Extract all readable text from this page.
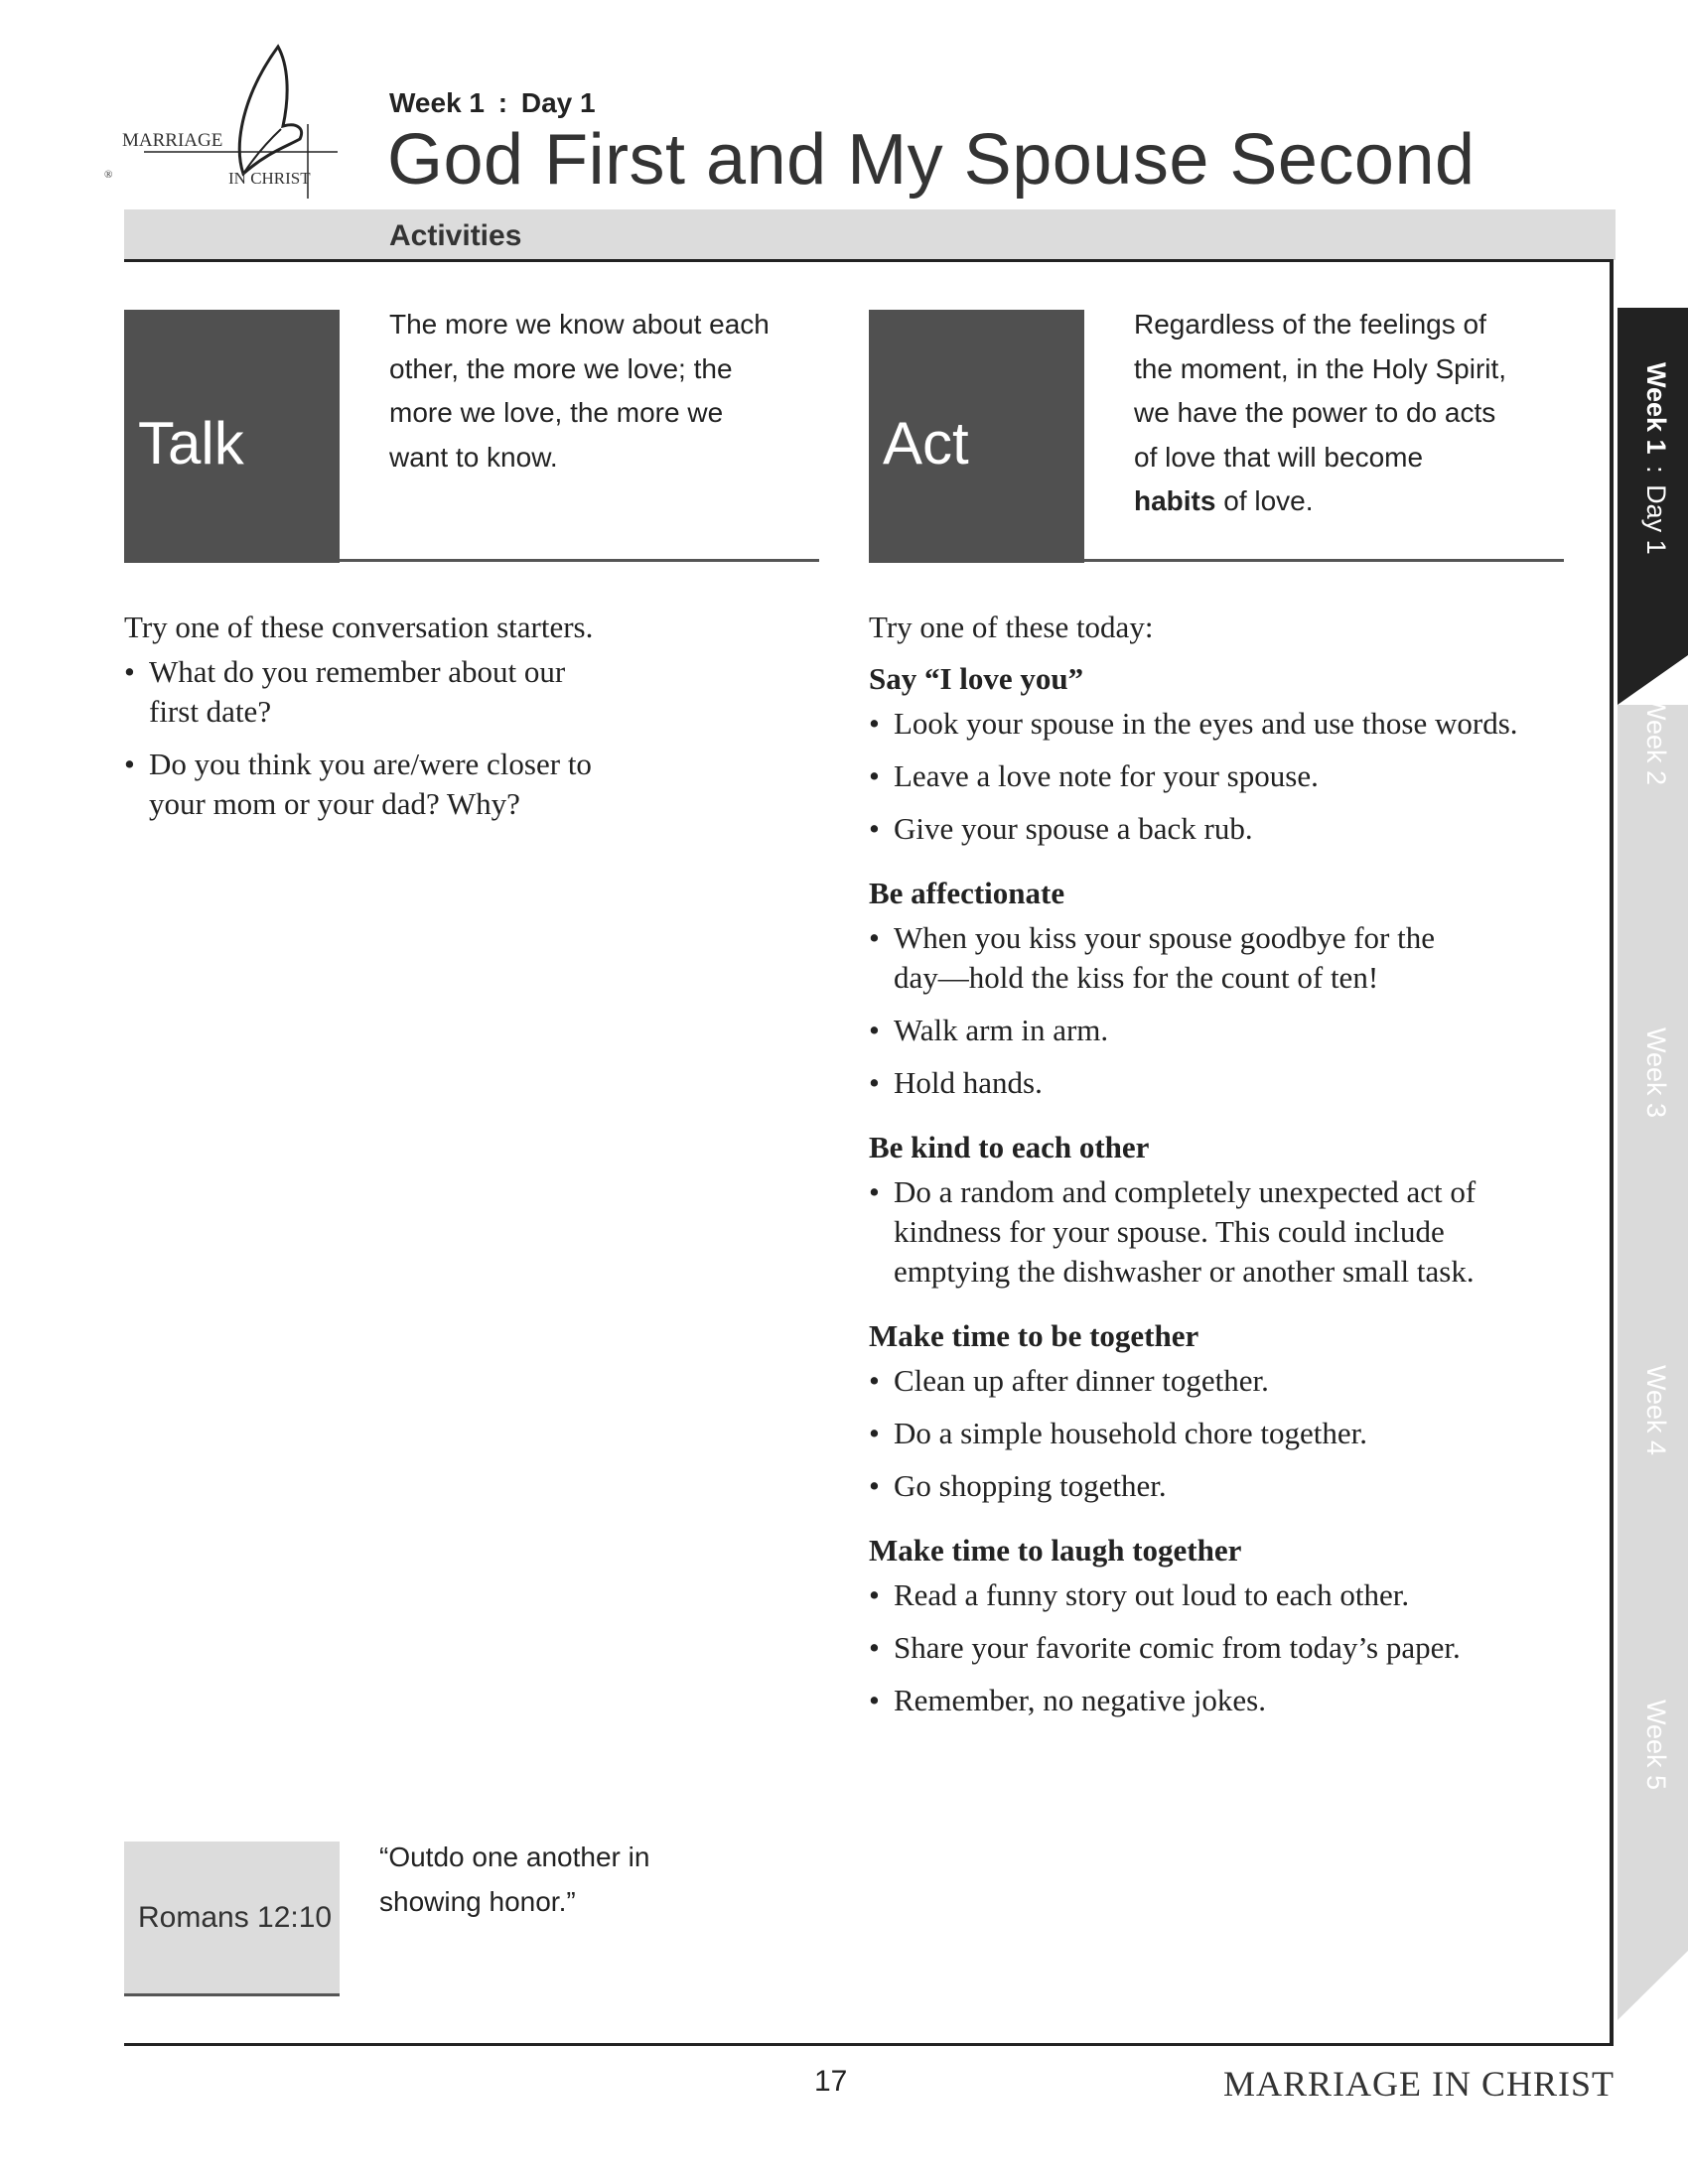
MARRIAGE
IN CHRIST
®
Week 1 : Day 1
God First and My Spouse Second
Activities
Talk
The more we know about each other, the more we love; the more we love, the more we want to know.	Act
Regardless of the feelings of the moment, in the Holy Spirit, we have the power to do acts of love that will become habits of love.

Try one of these conversation starters.

• What do you remember about our first date?
• Do you think you are/were closer to your mom or your dad? Why?

Try one of these today:

Say “I love you”

• Look your spouse in the eyes and use those words.
• Leave a love note for your spouse.
• Give your spouse a back rub.

Be affectionate

• When you kiss your spouse goodbye for the day—hold the kiss for the count of ten!
• Walk arm in arm.
• Hold hands.

Be kind to each other

• Do a random and completely unexpected act of kindness for your spouse. This could include emptying the dishwasher or another small task.

Make time to be together

• Clean up after dinner together.
• Do a simple household chore together.
• Go shopping together.

Make time to laugh together

• Read a funny story out loud to each other.
• Share your favorite comic from today’s paper.
• Remember, no negative jokes.
Romans 12:10
“Outdo one another in showing honor.”
Week 1 : Day 1
Week 2
Week 3
Week 4
Week 5
17	MARRIAGE IN CHRIST
